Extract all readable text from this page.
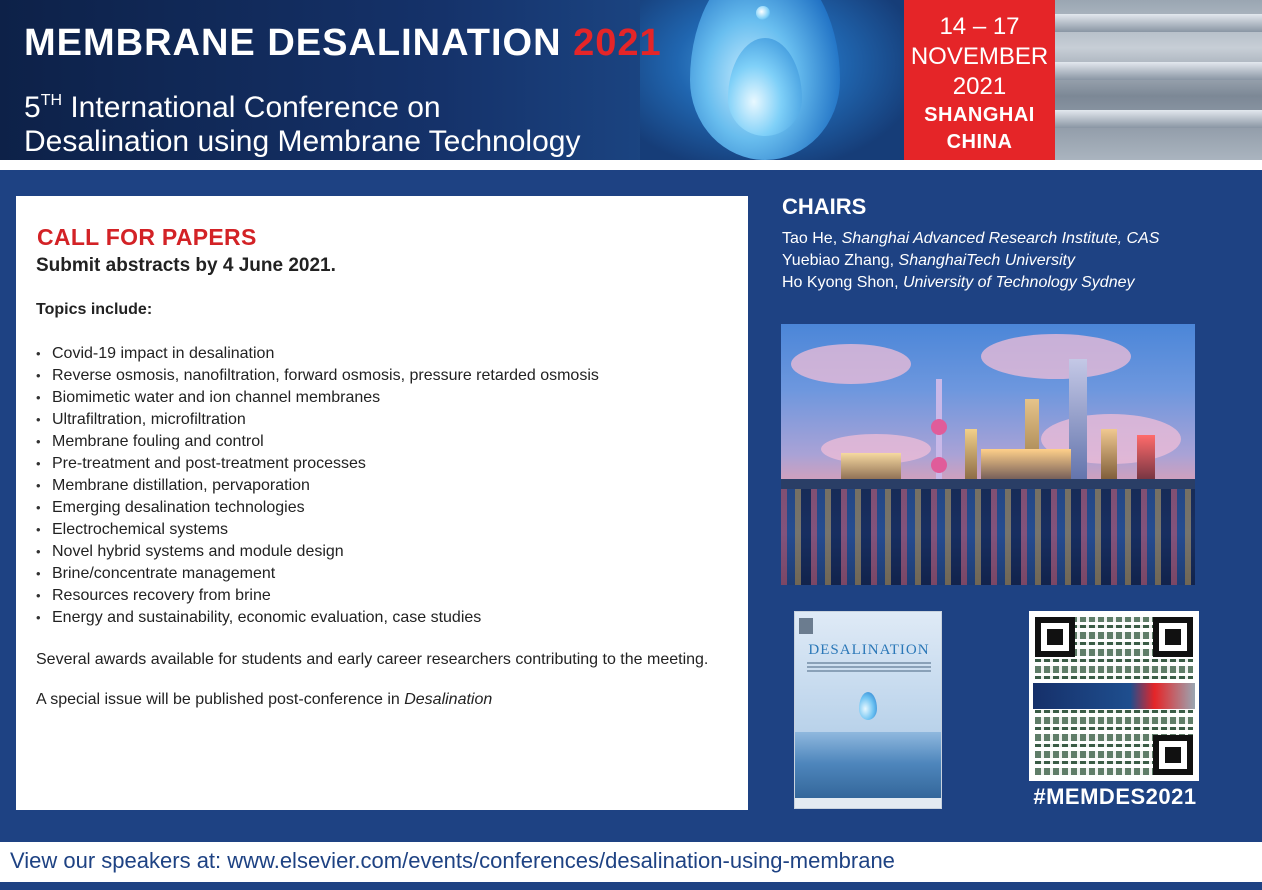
MEMBRANE DESALINATION 2021
5TH International Conference on
Desalination using Membrane Technology
14 – 17
NOVEMBER
2021
SHANGHAI
CHINA
CALL FOR PAPERS
Submit abstracts by 4 June 2021.
Topics include:
• Covid-19 impact in desalination
• Reverse osmosis, nanofiltration, forward osmosis, pressure retarded osmosis
• Biomimetic water and ion channel membranes
• Ultrafiltration, microfiltration
• Membrane fouling and control
• Pre-treatment and post-treatment processes
• Membrane distillation, pervaporation
• Emerging desalination technologies
• Electrochemical systems
• Novel hybrid systems and module design
• Brine/concentrate management
• Resources recovery from brine
• Energy and sustainability, economic evaluation, case studies
Several awards available for students and early career researchers contributing to the meeting.
A special issue will be published post-conference in Desalination
CHAIRS
Tao He, Shanghai Advanced Research Institute, CAS
Yuebiao Zhang, ShanghaiTech University
Ho Kyong Shon, University of Technology Sydney
DESALINATION
#MEMDES2021
View our speakers at: www.elsevier.com/events/conferences/desalination-using-membrane
